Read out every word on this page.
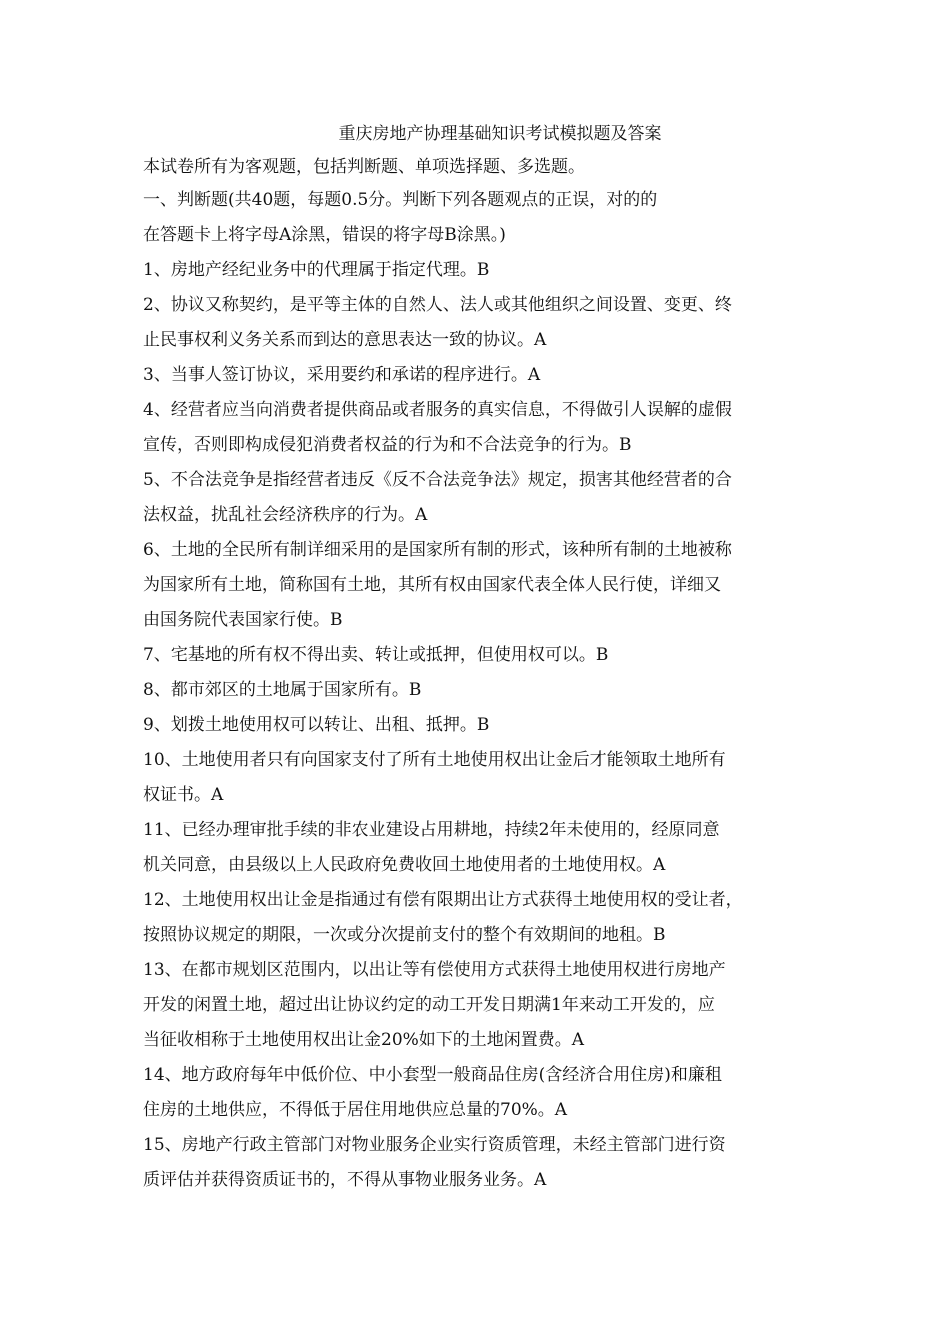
重庆房地产协理基础知识考试模拟题及答案

本试卷所有为客观题，包括判断题、单项选择题、多选题。

一、判断题(共40题，每题0.5分。判断下列各题观点的正误，对的的

在答题卡上将字母A涂黑，错误的将字母B涂黑。)

1、房地产经纪业务中的代理属于指定代理。B

2、协议又称契约，是平等主体的自然人、法人或其他组织之间设置、变更、终

止民事权利义务关系而到达的意思表达一致的协议。A

3、当事人签订协议，采用要约和承诺的程序进行。A

4、经营者应当向消费者提供商品或者服务的真实信息，不得做引人误解的虚假

宣传，否则即构成侵犯消费者权益的行为和不合法竞争的行为。B

5、不合法竞争是指经营者违反《反不合法竞争法》规定，损害其他经营者的合

法权益，扰乱社会经济秩序的行为。A

6、土地的全民所有制详细采用的是国家所有制的形式，该种所有制的土地被称

为国家所有土地，简称国有土地，其所有权由国家代表全体人民行使，详细又

由国务院代表国家行使。B

7、宅基地的所有权不得出卖、转让或抵押，但使用权可以。B

8、都市郊区的土地属于国家所有。B

9、划拨土地使用权可以转让、出租、抵押。B

10、土地使用者只有向国家支付了所有土地使用权出让金后才能领取土地所有

权证书。A

11、已经办理审批手续的非农业建设占用耕地，持续2年未使用的，经原同意

机关同意，由县级以上人民政府免费收回土地使用者的土地使用权。A

12、土地使用权出让金是指通过有偿有限期出让方式获得土地使用权的受让者，

按照协议规定的期限，一次或分次提前支付的整个有效期间的地租。B

13、在都市规划区范围内，以出让等有偿使用方式获得土地使用权进行房地产

开发的闲置土地，超过出让协议约定的动工开发日期满1年来动工开发的，应

当征收相称于土地使用权出让金20%如下的土地闲置费。A

14、地方政府每年中低价位、中小套型一般商品住房(含经济合用住房)和廉租

住房的土地供应，不得低于居住用地供应总量的70%。A

15、房地产行政主管部门对物业服务企业实行资质管理，未经主管部门进行资

质评估并获得资质证书的，不得从事物业服务业务。A
